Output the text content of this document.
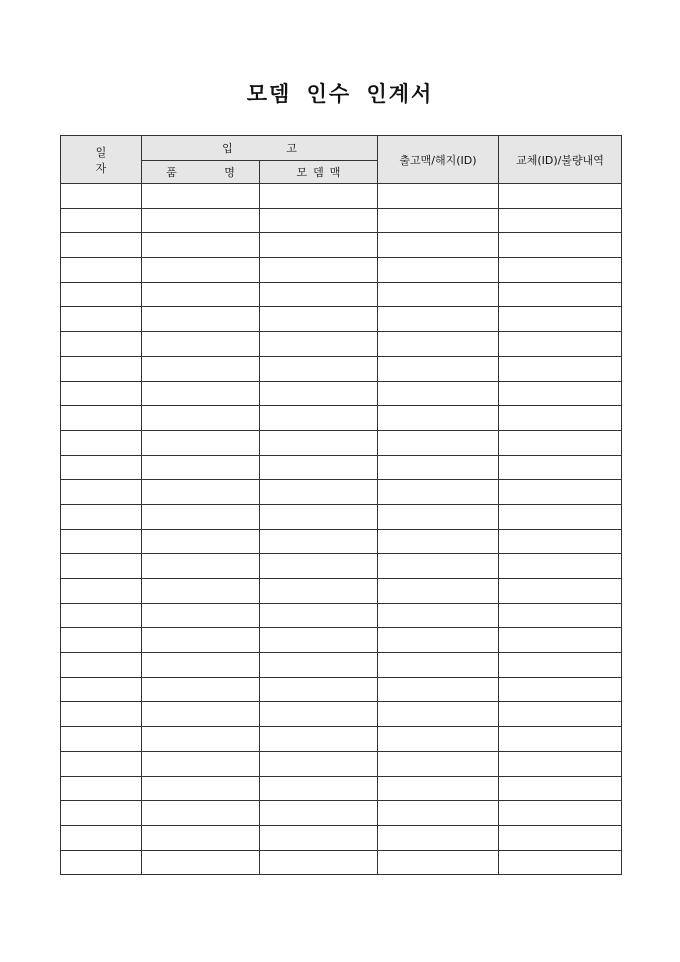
모뎀 인수 인계서
일 자	입 고		출고맥/해지(ID)	교체(ID)/불량내역
	품 명	모뎀맥		
